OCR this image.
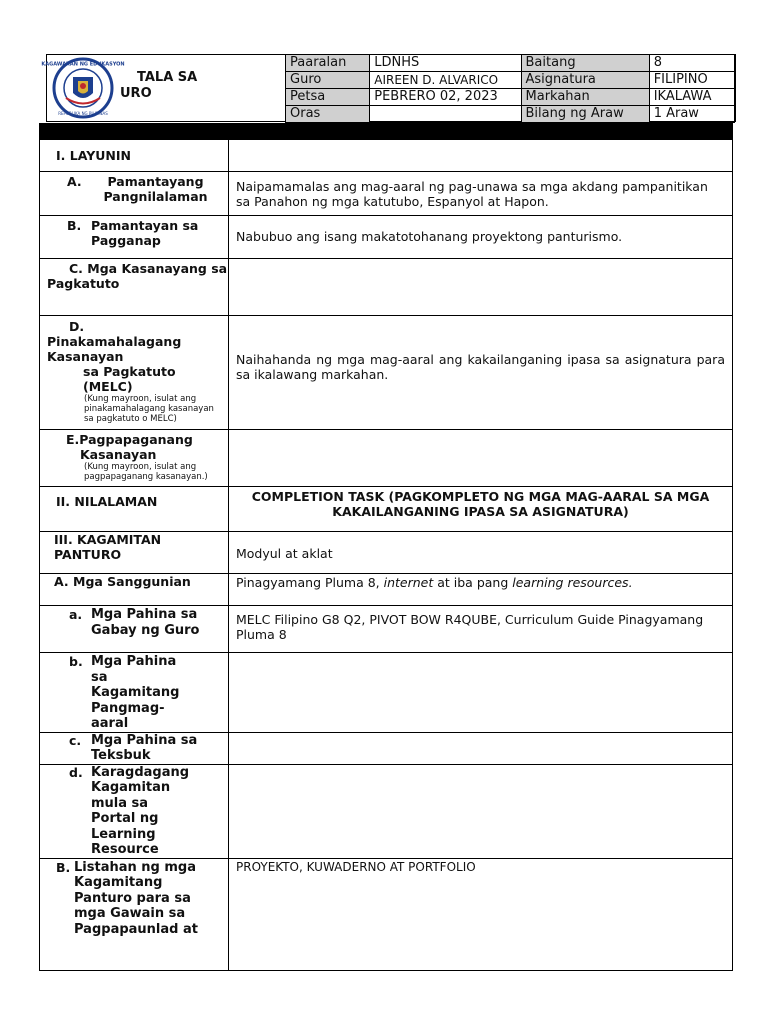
KAGAWARAN NG EDUKASYON
REPUBLIKA NG PILIPINAS
TALA SA
URO
Paaralan	LDNHS	Baitang	8
Guro	AIREEN D. ALVARICO	Asignatura	FILIPINO
Petsa	PEBRERO 02, 2023	Markahan	IKALAWA
Oras		Bilang ng Araw	1 Araw
I. LAYUNIN	

A. Pamantayang Pangnilalaman	Naipamamalas ang mag-aaral ng pag-unawa sa mga akdang pampanitikan sa Panahon ng mga katutubo, Espanyol at Hapon.

B. Pamantayan sa Pagganap	Nabubuo ang isang makatotohanang proyektong panturismo.
C. Mga Kasanayang sa Pagkatuto	

D.
Pinakamahalagang Kasanayan
sa Pagkatuto (MELC)
(Kung mayroon, isulat ang pinakamahalagang kasanayan sa pagkatuto o MELC)	Naihahanda ng mga mag-aaral ang kakailanganing ipasa sa asignatura para sa ikalawang markahan.

E.Pagpapaganang
Kasanayan
(Kung mayroon, isulat ang pagpapaganang kasanayan.)	

II. NILALAMAN	COMPLETION TASK (PAGKOMPLETO NG MGA MAG-AARAL SA MGA KAKAILANGANING IPASA SA ASIGNATURA)
III. KAGAMITAN PANTURO	Modyul at aklat
A. Mga Sanggunian	Pinagyamang Pluma 8, internet at iba pang learning resources.

a. Mga Pahina sa Gabay ng Guro	MELC Filipino G8 Q2, PIVOT BOW R4QUBE, Curriculum Guide Pinagyamang Pluma 8

b. Mga Pahina sa Kagamitang Pangmag-aaral	

c. Mga Pahina sa Teksbuk	

d. Karagdagang Kagamitan mula sa Portal ng Learning Resource	

B. Listahan ng mga Kagamitang Panturo para sa mga Gawain sa Pagpapaunlad at	PROYEKTO, KUWADERNO AT PORTFOLIO
